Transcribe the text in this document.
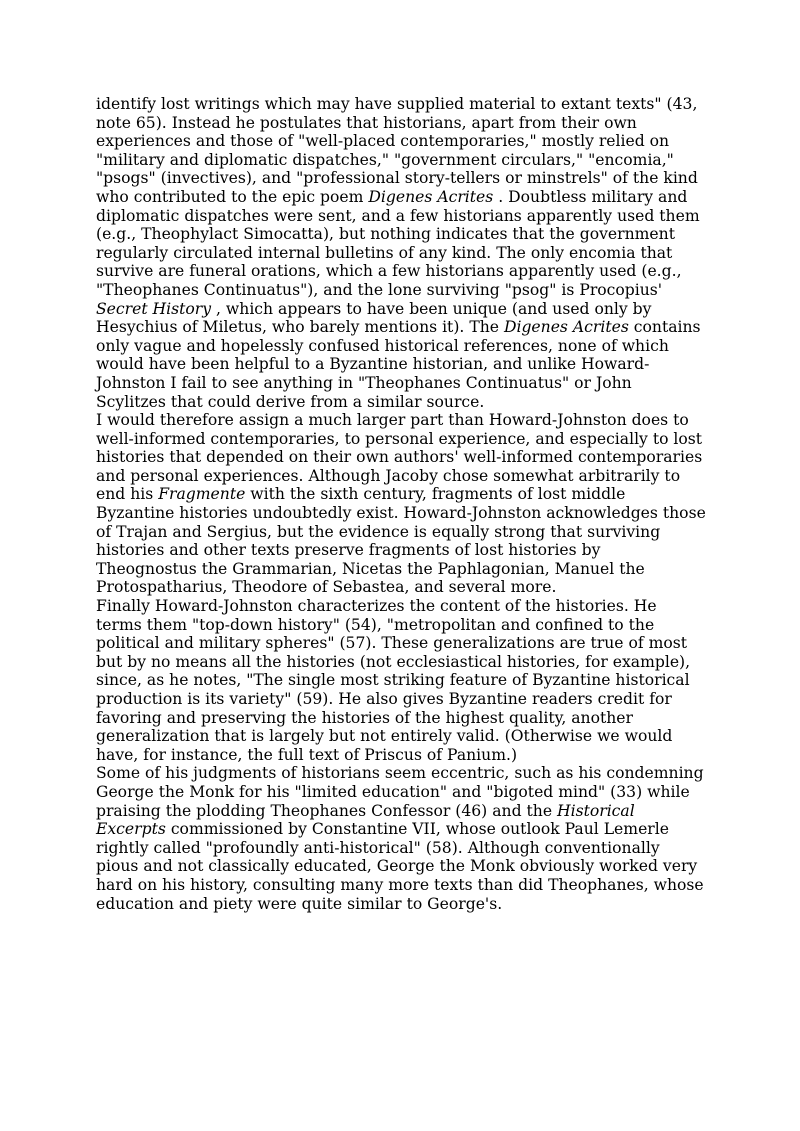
identify lost writings which may have supplied material to extant texts" (43, note 65). Instead he postulates that historians, apart from their own experiences and those of "well-placed contemporaries," mostly relied on "military and diplomatic dispatches," "government circulars," "encomia," "psogs" (invectives), and "professional story-tellers or minstrels" of the kind who contributed to the epic poem Digenes Acrites . Doubtless military and diplomatic dispatches were sent, and a few historians apparently used them (e.g., Theophylact Simocatta), but nothing indicates that the government regularly circulated internal bulletins of any kind. The only encomia that survive are funeral orations, which a few historians apparently used (e.g., "Theophanes Continuatus"), and the lone surviving "psog" is Procopius' Secret History , which appears to have been unique (and used only by Hesychius of Miletus, who barely mentions it). The Digenes Acrites contains only vague and hopelessly confused historical references, none of which would have been helpful to a Byzantine historian, and unlike Howard-Johnston I fail to see anything in "Theophanes Continuatus" or John Scylitzes that could derive from a similar source.

I would therefore assign a much larger part than Howard-Johnston does to well-informed contemporaries, to personal experience, and especially to lost histories that depended on their own authors' well-informed contemporaries and personal experiences. Although Jacoby chose somewhat arbitrarily to end his Fragmente with the sixth century, fragments of lost middle Byzantine histories undoubtedly exist. Howard-Johnston acknowledges those of Trajan and Sergius, but the evidence is equally strong that surviving histories and other texts preserve fragments of lost histories by Theognostus the Grammarian, Nicetas the Paphlagonian, Manuel the Protospatharius, Theodore of Sebastea, and several more.

Finally Howard-Johnston characterizes the content of the histories. He terms them "top-down history" (54), "metropolitan and confined to the political and military spheres" (57). These generalizations are true of most but by no means all the histories (not ecclesiastical histories, for example), since, as he notes, "The single most striking feature of Byzantine historical production is its variety" (59). He also gives Byzantine readers credit for favoring and preserving the histories of the highest quality, another generalization that is largely but not entirely valid. (Otherwise we would have, for instance, the full text of Priscus of Panium.)

Some of his judgments of historians seem eccentric, such as his condemning George the Monk for his "limited education" and "bigoted mind" (33) while praising the plodding Theophanes Confessor (46) and the Historical Excerpts commissioned by Constantine VII, whose outlook Paul Lemerle rightly called "profoundly anti-historical" (58). Although conventionally pious and not classically educated, George the Monk obviously worked very hard on his history, consulting many more texts than did Theophanes, whose education and piety were quite similar to George's.
